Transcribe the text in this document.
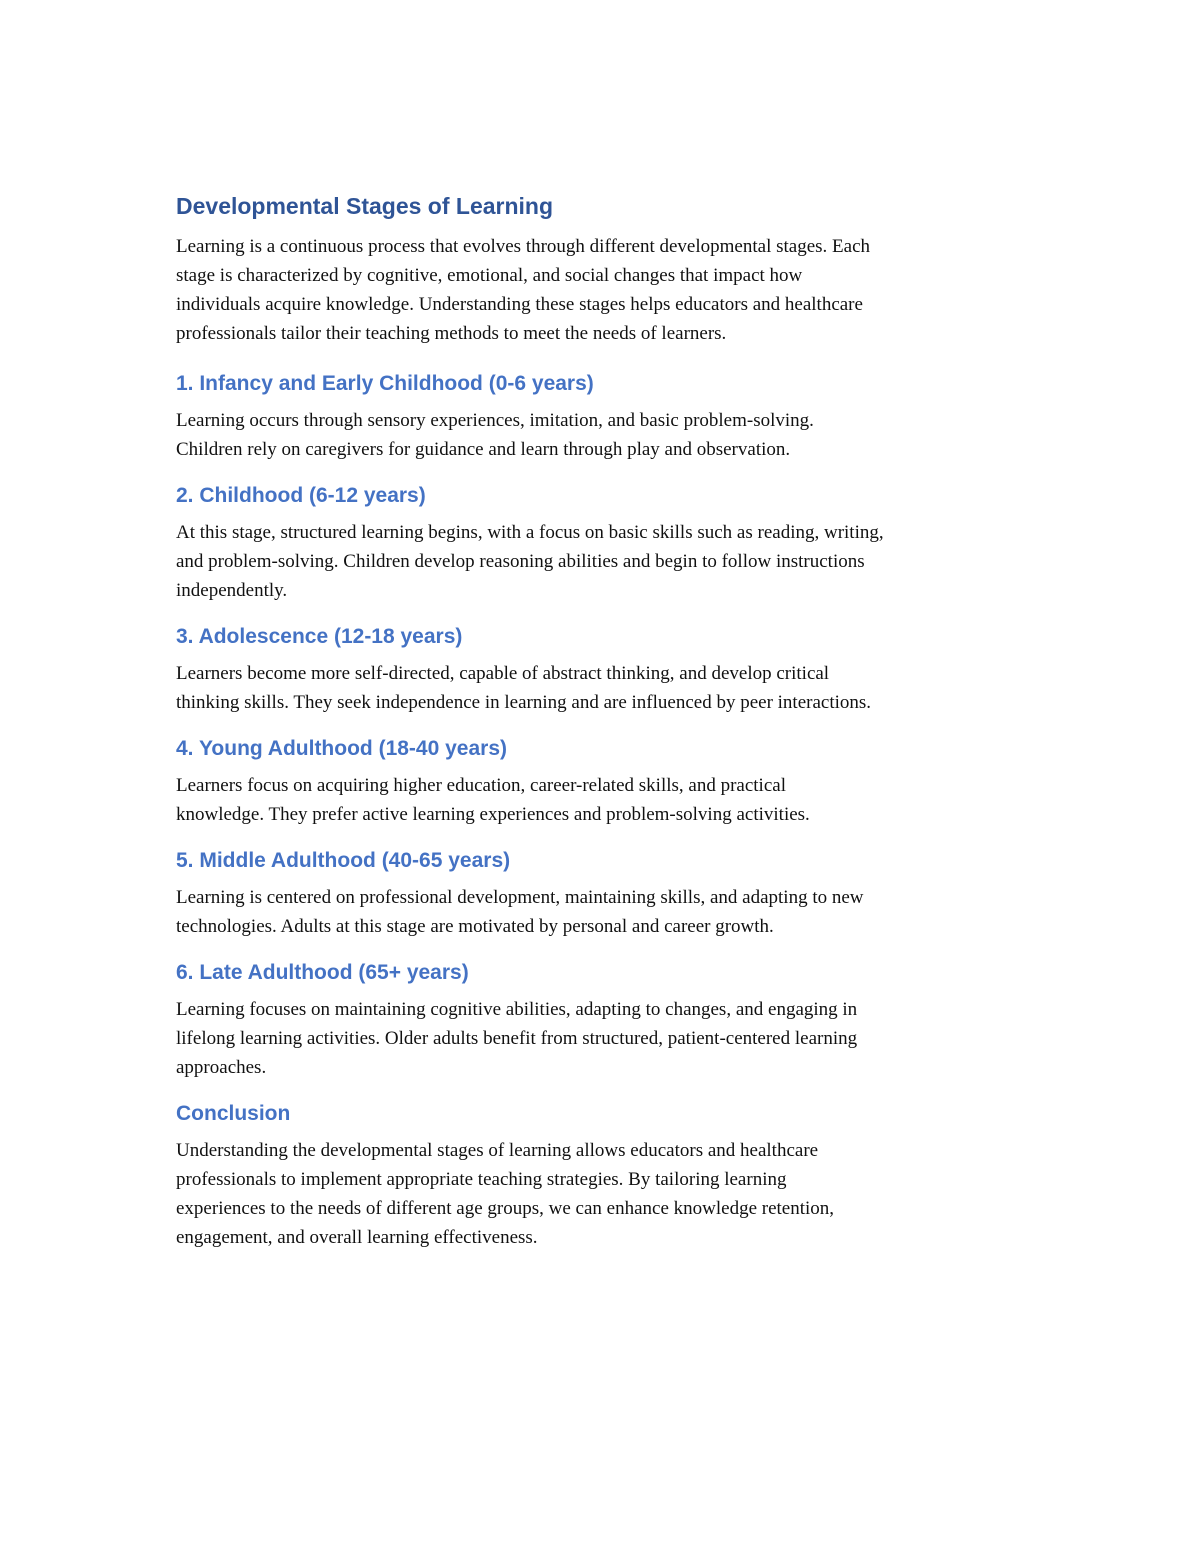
Developmental Stages of Learning
Learning is a continuous process that evolves through different developmental stages. Each
stage is characterized by cognitive, emotional, and social changes that impact how
individuals acquire knowledge. Understanding these stages helps educators and healthcare
professionals tailor their teaching methods to meet the needs of learners.
1. Infancy and Early Childhood (0-6 years)
Learning occurs through sensory experiences, imitation, and basic problem-solving.
Children rely on caregivers for guidance and learn through play and observation.
2. Childhood (6-12 years)
At this stage, structured learning begins, with a focus on basic skills such as reading, writing,
and problem-solving. Children develop reasoning abilities and begin to follow instructions
independently.
3. Adolescence (12-18 years)
Learners become more self-directed, capable of abstract thinking, and develop critical
thinking skills. They seek independence in learning and are influenced by peer interactions.
4. Young Adulthood (18-40 years)
Learners focus on acquiring higher education, career-related skills, and practical
knowledge. They prefer active learning experiences and problem-solving activities.
5. Middle Adulthood (40-65 years)
Learning is centered on professional development, maintaining skills, and adapting to new
technologies. Adults at this stage are motivated by personal and career growth.
6. Late Adulthood (65+ years)
Learning focuses on maintaining cognitive abilities, adapting to changes, and engaging in
lifelong learning activities. Older adults benefit from structured, patient-centered learning
approaches.
Conclusion
Understanding the developmental stages of learning allows educators and healthcare
professionals to implement appropriate teaching strategies. By tailoring learning
experiences to the needs of different age groups, we can enhance knowledge retention,
engagement, and overall learning effectiveness.
